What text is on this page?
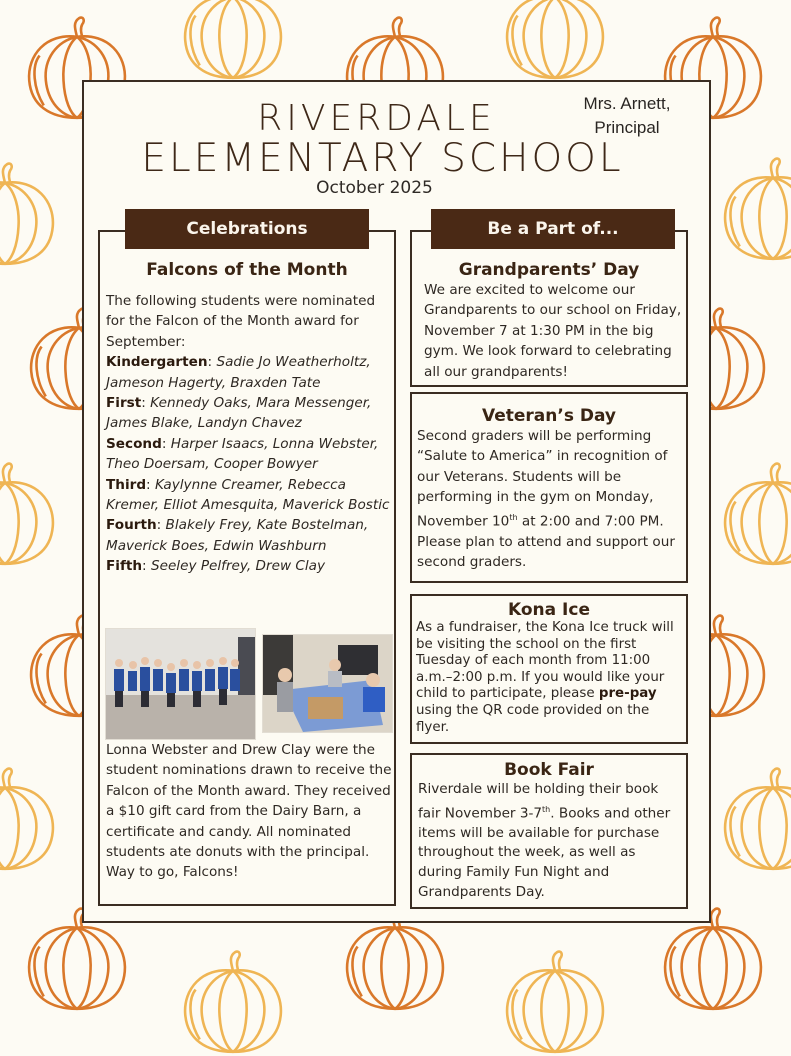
RIVERDALE
ELEMENTARY SCHOOL
October 2025
Mrs. Arnett,
Principal
Falcons of the Month
The following students were nominated for the Falcon of the Month award for September:
Kindergarten: Sadie Jo Weatherholtz, Jameson Hagerty, Braxden Tate
First: Kennedy Oaks, Mara Messenger, James Blake, Landyn Chavez
Second: Harper Isaacs, Lonna Webster, Theo Doersam, Cooper Bowyer
Third: Kaylynne Creamer, Rebecca Kremer, Elliot Amesquita, Maverick Bostic
Fourth: Blakely Frey, Kate Bostelman, Maverick Boes, Edwin Washburn
Fifth: Seeley Pelfrey, Drew Clay
Lonna Webster and Drew Clay were the student nominations drawn to receive the Falcon of the Month award. They received a $10 gift card from the Dairy Barn, a certificate and candy. All nominated students ate donuts with the principal. Way to go, Falcons!
Celebrations
Grandparents’ Day
We are excited to welcome our Grandparents to our school on Friday, November 7 at 1:30 PM in the big gym. We look forward to celebrating all our grandparents!
Be a Part of...
Veteran’s Day
Second graders will be performing “Salute to America” in recognition of our Veterans. Students will be performing in the gym on Monday, November 10th at 2:00 and 7:00 PM. Please plan to attend and support our second graders.
Kona Ice
As a fundraiser, the Kona Ice truck will be visiting the school on the first Tuesday of each month from 11:00 a.m.–2:00 p.m. If you would like your child to participate, please pre-pay using the QR code provided on the flyer.
Book Fair
Riverdale will be holding their book fair November 3-7th. Books and other items will be available for purchase throughout the week, as well as during Family Fun Night and Grandparents Day.
